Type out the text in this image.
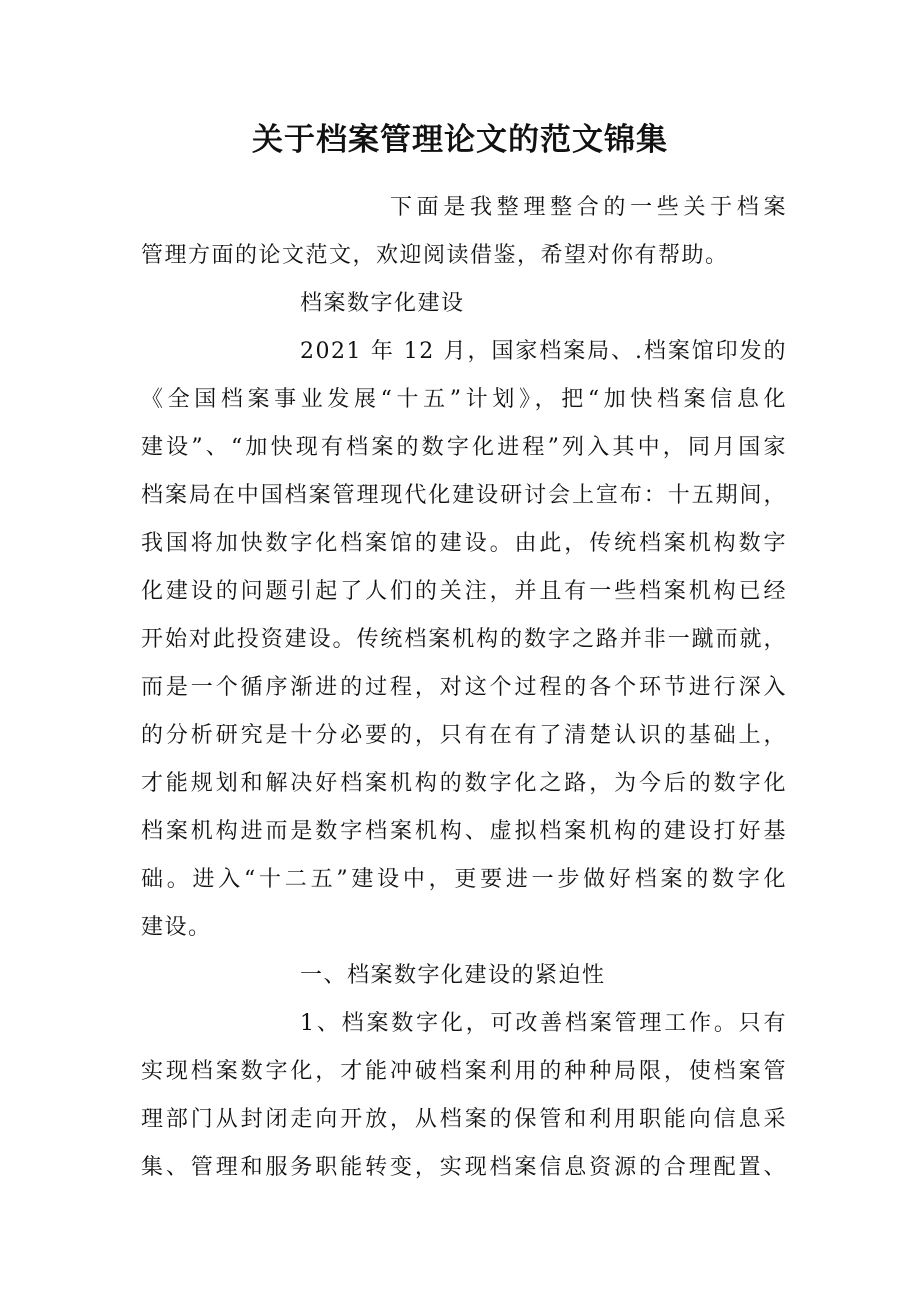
关于档案管理论文的范文锦集
下面是我整理整合的一些关于档案
管理方面的论文范文，欢迎阅读借鉴，希望对你有帮助。
档案数字化建设
2021 年 12 月，国家档案局、.档案馆印发的
《全国档案事业发展“十五”计划》，把“加快档案信息化
建设”、“加快现有档案的数字化进程”列入其中，同月国家
档案局在中国档案管理现代化建设研讨会上宣布：十五期间，
我国将加快数字化档案馆的建设。由此，传统档案机构数字
化建设的问题引起了人们的关注，并且有一些档案机构已经
开始对此投资建设。传统档案机构的数字之路并非一蹴而就，
而是一个循序渐进的过程，对这个过程的各个环节进行深入
的分析研究是十分必要的，只有在有了清楚认识的基础上，
才能规划和解决好档案机构的数字化之路，为今后的数字化
档案机构进而是数字档案机构、虚拟档案机构的建设打好基
础。进入“十二五”建设中，更要进一步做好档案的数字化
建设。
一、档案数字化建设的紧迫性
1、档案数字化，可改善档案管理工作。只有
实现档案数字化，才能冲破档案利用的种种局限，使档案管
理部门从封闭走向开放，从档案的保管和利用职能向信息采
集、管理和服务职能转变，实现档案信息资源的合理配置、
